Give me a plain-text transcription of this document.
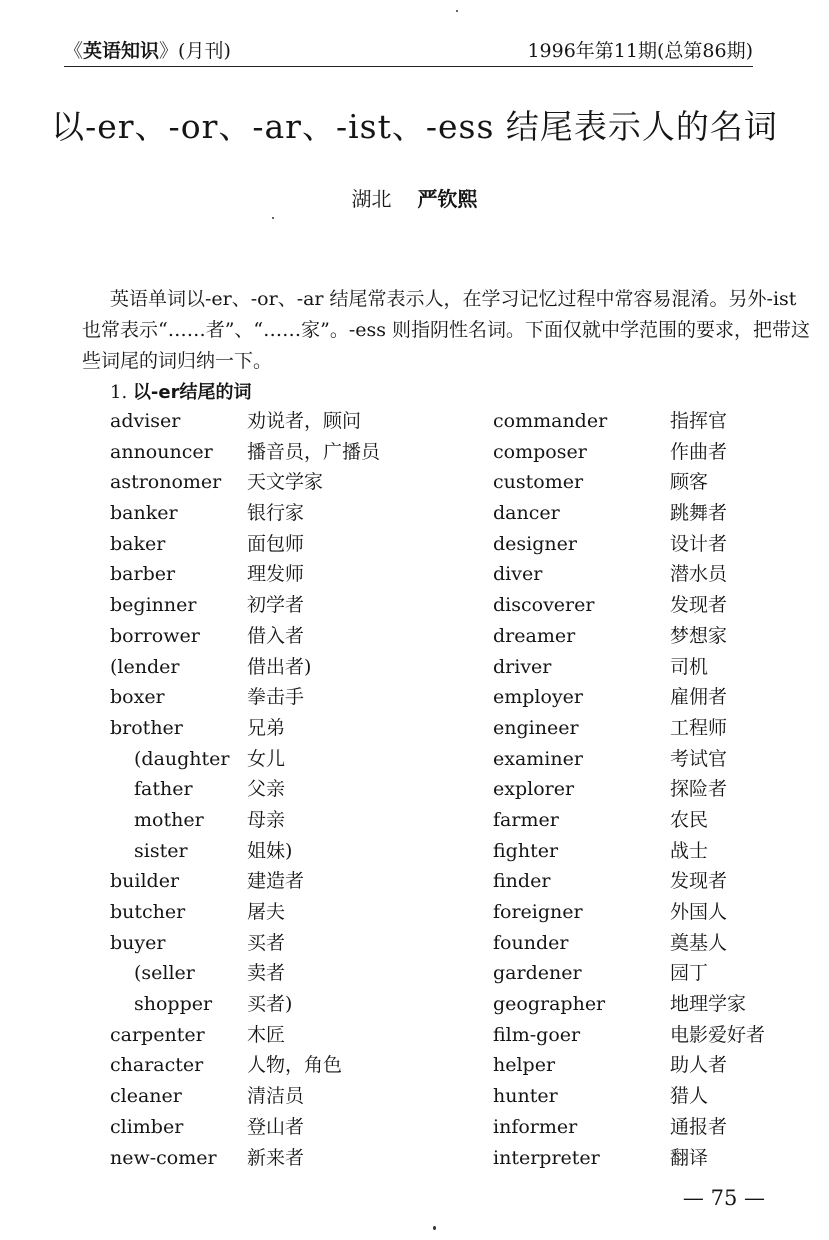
《英语知识》(月刊)	1996年第11期(总第86期)
以-er、-or、-ar、-ist、-ess 结尾表示人的名词
湖北 严钦熙

英语单词以-er、-or、-ar 结尾常表示人，在学习记忆过程中常容易混淆。另外-ist 也常表示“……者”、“……家”。-ess 则指阴性名词。下面仅就中学范围的要求，把带这些词尾的词归纳一下。

1. 以-er结尾的词
adviser	劝说者，顾问
announcer 播音员，广播员
astronomer 天文学家
banker	银行家
baker	面包师
barber	理发师
beginner	初学者
borrower 借入者
(lender	借出者)
boxer	拳击手
brother	兄弟
(daughter 女儿
father	父亲
mother 母亲
sister	姐妹)
builder	建造者
butcher	屠夫
buyer	买者
(seller	卖者
shopper 买者)
carpenter 木匠
character 人物，角色
cleaner	清洁员
climber	登山者
new-comer 新来者
commander	指挥官
composer	作曲者
customer	顾客
dancer	跳舞者
designer	设计者
diver	潜水员
discoverer	发现者
dreamer	梦想家
driver	司机
employer	雇佣者
engineer	工程师
examiner	考试官
explorer	探险者
farmer	农民
fighter	战士
finder	发现者
foreigner	外国人
founder	奠基人
gardener	园丁
geographer	地理学家
film-goer	电影爱好者
helper	助人者
hunter	猎人
informer	通报者
interpreter	翻译
— 75 —
